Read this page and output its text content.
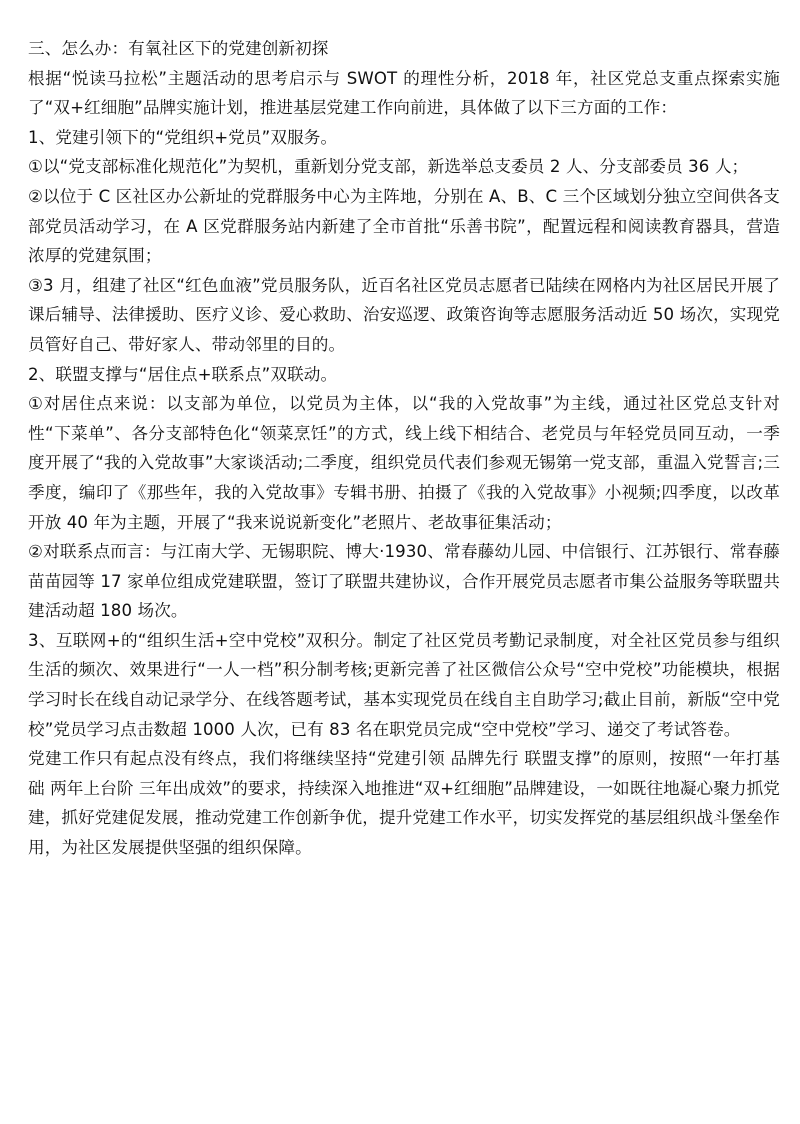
三、怎么办：有氧社区下的党建创新初探

根据“悦读马拉松”主题活动的思考启示与 SWOT 的理性分析，2018 年，社区党总支重点探索实施了“双+红细胞”品牌实施计划，推进基层党建工作向前进，具体做了以下三方面的工作：

1、党建引领下的“党组织+党员”双服务。

①以“党支部标准化规范化”为契机，重新划分党支部，新选举总支委员 2 人、分支部委员 36 人；

②以位于 C 区社区办公新址的党群服务中心为主阵地，分别在 A、B、C 三个区域划分独立空间供各支部党员活动学习，在 A 区党群服务站内新建了全市首批“乐善书院”，配置远程和阅读教育器具，营造浓厚的党建氛围；

③3 月，组建了社区“红色血液”党员服务队，近百名社区党员志愿者已陆续在网格内为社区居民开展了课后辅导、法律援助、医疗义诊、爱心救助、治安巡逻、政策咨询等志愿服务活动近 50 场次，实现党员管好自己、带好家人、带动邻里的目的。

2、联盟支撑与“居住点+联系点”双联动。

①对居住点来说：以支部为单位，以党员为主体，以“我的入党故事”为主线，通过社区党总支针对性“下菜单”、各分支部特色化“领菜烹饪”的方式，线上线下相结合、老党员与年轻党员同互动，一季度开展了“我的入党故事”大家谈活动;二季度，组织党员代表们参观无锡第一党支部，重温入党誓言;三季度，编印了《那些年，我的入党故事》专辑书册、拍摄了《我的入党故事》小视频;四季度，以改革开放 40 年为主题，开展了“我来说说新变化”老照片、老故事征集活动；

②对联系点而言：与江南大学、无锡职院、博大·1930、常春藤幼儿园、中信银行、江苏银行、常春藤苗苗园等 17 家单位组成党建联盟，签订了联盟共建协议，合作开展党员志愿者市集公益服务等联盟共建活动超 180 场次。

3、互联网+的“组织生活+空中党校”双积分。制定了社区党员考勤记录制度，对全社区党员参与组织生活的频次、效果进行“一人一档”积分制考核;更新完善了社区微信公众号“空中党校”功能模块，根据学习时长在线自动记录学分、在线答题考试，基本实现党员在线自主自助学习;截止目前，新版“空中党校”党员学习点击数超 1000 人次，已有 83 名在职党员完成“空中党校”学习、递交了考试答卷。

党建工作只有起点没有终点，我们将继续坚持“党建引领 品牌先行 联盟支撑”的原则，按照“一年打基础 两年上台阶 三年出成效”的要求，持续深入地推进“双+红细胞”品牌建设，一如既往地凝心聚力抓党建，抓好党建促发展，推动党建工作创新争优，提升党建工作水平，切实发挥党的基层组织战斗堡垒作用，为社区发展提供坚强的组织保障。
